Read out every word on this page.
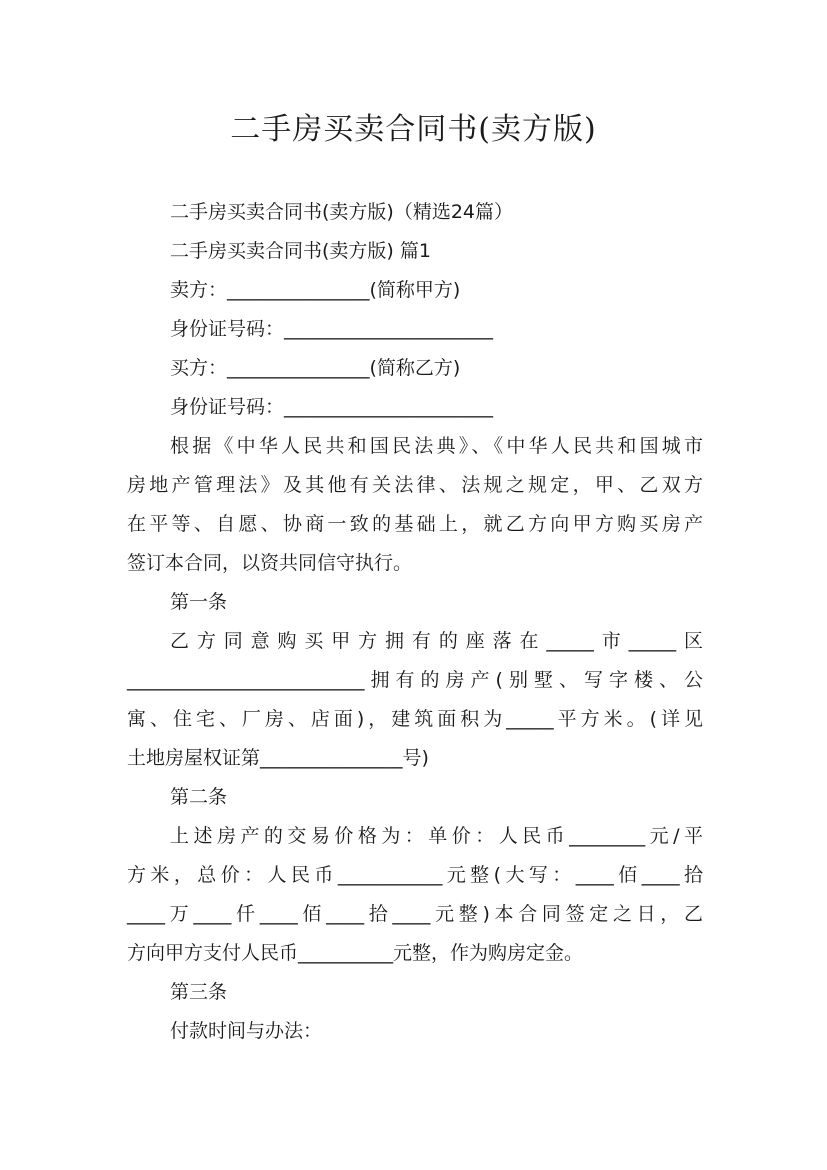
二手房买卖合同书(卖方版)
二手房买卖合同书(卖方版)（精选24篇）
二手房买卖合同书(卖方版) 篇1
卖方：_______________(简称甲方)
身份证号码：______________________
买方：_______________(简称乙方)
身份证号码：______________________
根据《中华人民共和国民法典》、《中华人民共和国城市
房地产管理法》及其他有关法律、法规之规定，甲、乙双方
在平等、自愿、协商一致的基础上，就乙方向甲方购买房产
签订本合同，以资共同信守执行。
第一条
乙方同意购买甲方拥有的座落在_____市_____区
_________________________拥有的房产(别墅、写字楼、公
寓、住宅、厂房、店面)，建筑面积为_____平方米。(详见
土地房屋权证第_______________号)
第二条
上述房产的交易价格为：单价：人民币________元/平
方米，总价：人民币___________元整(大写：____佰____拾
____万____仟____佰____拾____元整)本合同签定之日，乙
方向甲方支付人民币__________元整，作为购房定金。
第三条
付款时间与办法：
